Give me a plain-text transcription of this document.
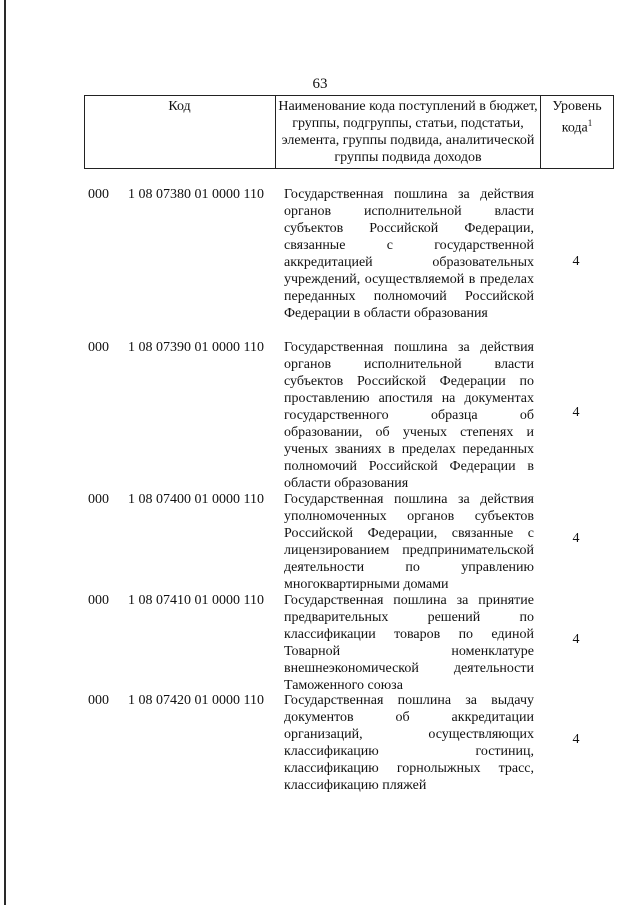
63
Код	Наименование кода поступлений в бюджет, группы, подгруппы, статьи, подстатьи, элемента, группы подвида, аналитической группы подвида доходов
Уровень кода$^1$
000 1 08 07380 01 0000 110 Государственная пошлина за действия органов исполнительной власти субъектов Российской Федерации, связанные с государственной аккредитацией образовательных учреждений, осуществляемой в пределах переданных полномочий Российской Федерации в области образования
4
000 1 08 07390 01 0000 110 Государственная пошлина за действия органов исполнительной власти субъектов Российской Федерации по проставлению апостиля на документах государственного образца об образовании, об ученых степенях и ученых званиях в пределах переданных полномочий Российской Федерации в области образования
4
000 1 08 07400 01 0000 110 Государственная пошлина за действия уполномоченных органов субъектов Российской Федерации, связанные с лицензированием предпринимательской деятельности по управлению многоквартирными домами
4
000 1 08 07410 01 0000 110 Государственная пошлина за принятие предварительных решений по классификации товаров по единой Товарной номенклатуре внешнеэкономической деятельности Таможенного союза
4
000 1 08 07420 01 0000 110 Государственная пошлина за выдачу документов об аккредитации организаций, осуществляющих классификацию гостиниц, классификацию горнолыжных трасс, классификацию пляжей
4
